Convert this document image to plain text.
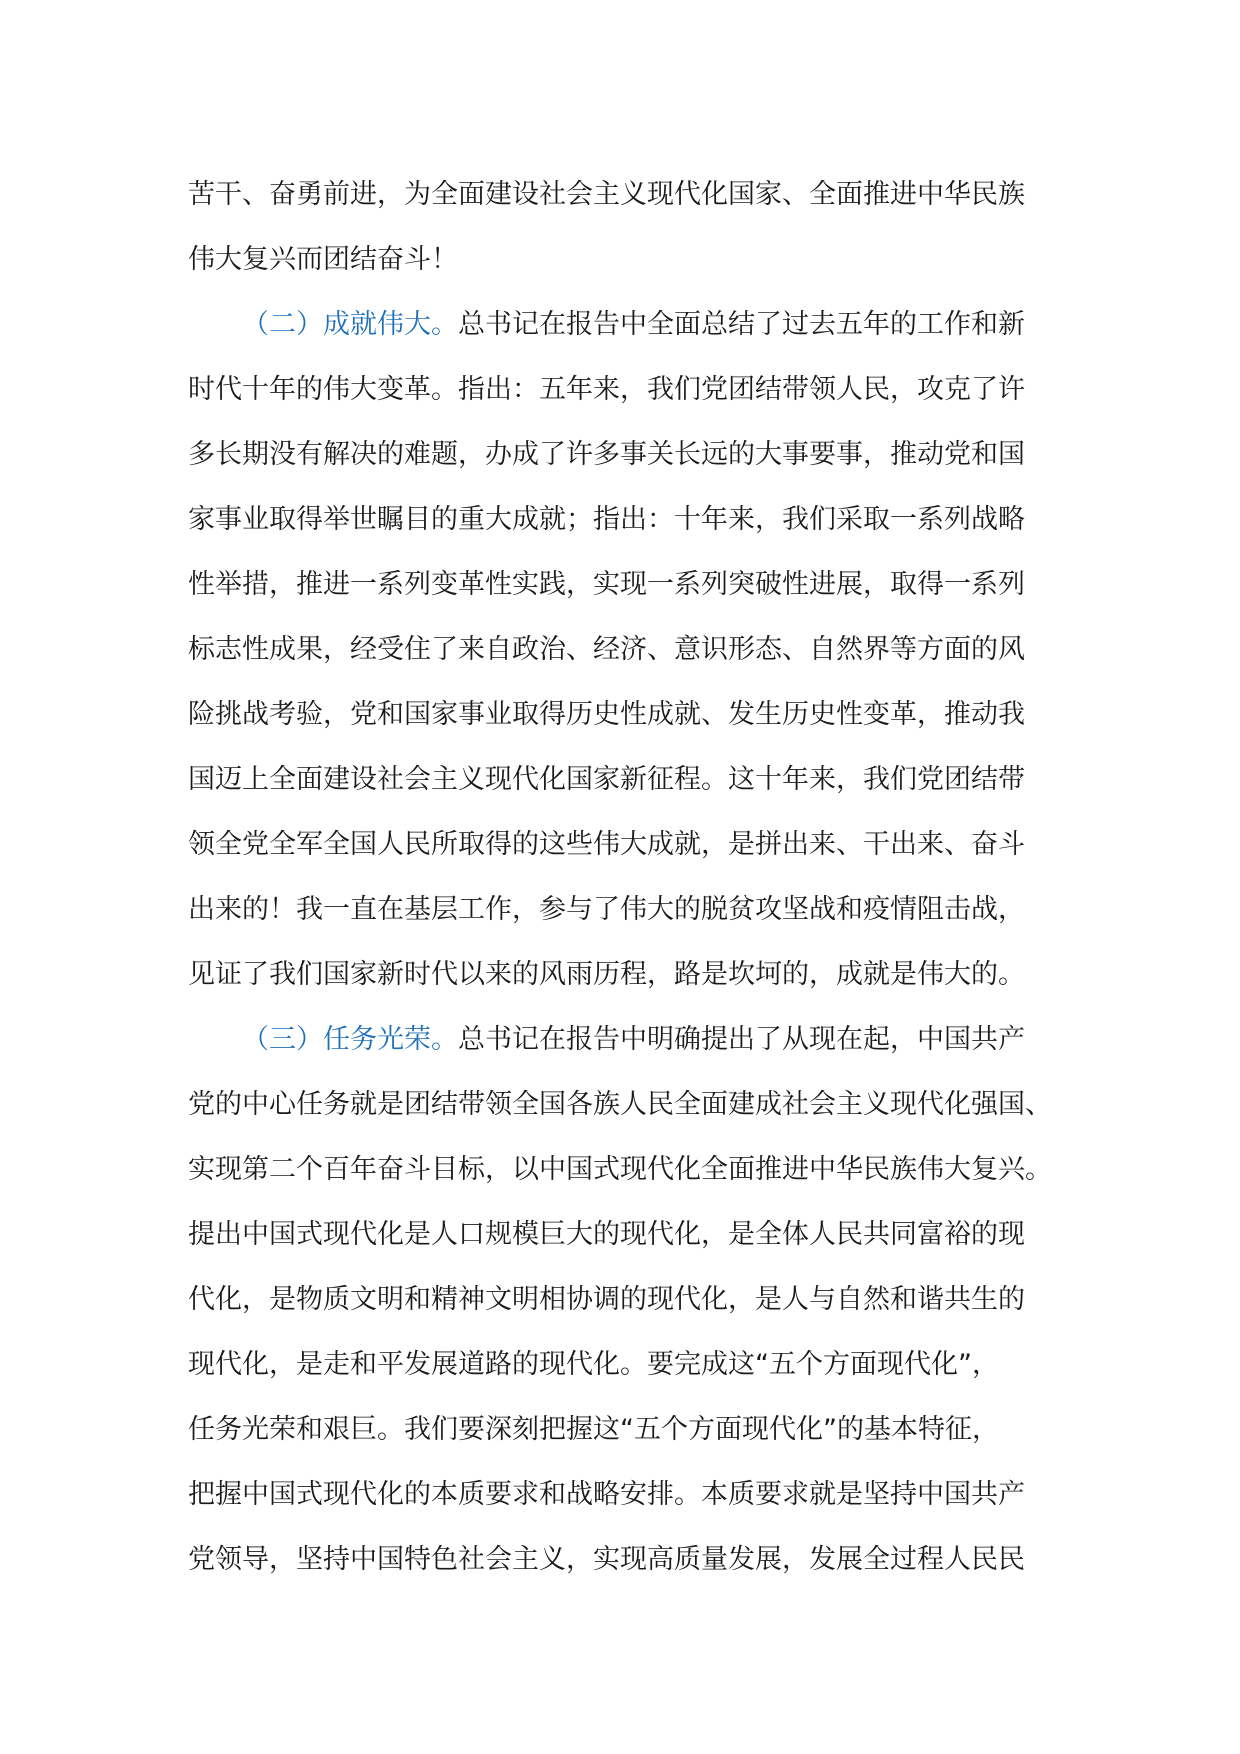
苦干、奋勇前进，为全面建设社会主义现代化国家、全面推进中华民族
伟大复兴而团结奋斗！
（二）成就伟大。总书记在报告中全面总结了过去五年的工作和新
时代十年的伟大变革。指出：五年来，我们党团结带领人民，攻克了许
多长期没有解决的难题，办成了许多事关长远的大事要事，推动党和国
家事业取得举世瞩目的重大成就；指出：十年来，我们采取一系列战略
性举措，推进一系列变革性实践，实现一系列突破性进展，取得一系列
标志性成果，经受住了来自政治、经济、意识形态、自然界等方面的风
险挑战考验，党和国家事业取得历史性成就、发生历史性变革，推动我
国迈上全面建设社会主义现代化国家新征程。这十年来，我们党团结带
领全党全军全国人民所取得的这些伟大成就，是拼出来、干出来、奋斗
出来的！我一直在基层工作，参与了伟大的脱贫攻坚战和疫情阻击战，
见证了我们国家新时代以来的风雨历程，路是坎坷的，成就是伟大的。
（三）任务光荣。总书记在报告中明确提出了从现在起，中国共产
党的中心任务就是团结带领全国各族人民全面建成社会主义现代化强国、
实现第二个百年奋斗目标，以中国式现代化全面推进中华民族伟大复兴。
提出中国式现代化是人口规模巨大的现代化，是全体人民共同富裕的现
代化，是物质文明和精神文明相协调的现代化，是人与自然和谐共生的
现代化，是走和平发展道路的现代化。要完成这“五个方面现代化”，
任务光荣和艰巨。我们要深刻把握这“五个方面现代化”的基本特征，
把握中国式现代化的本质要求和战略安排。本质要求就是坚持中国共产
党领导，坚持中国特色社会主义，实现高质量发展，发展全过程人民民
